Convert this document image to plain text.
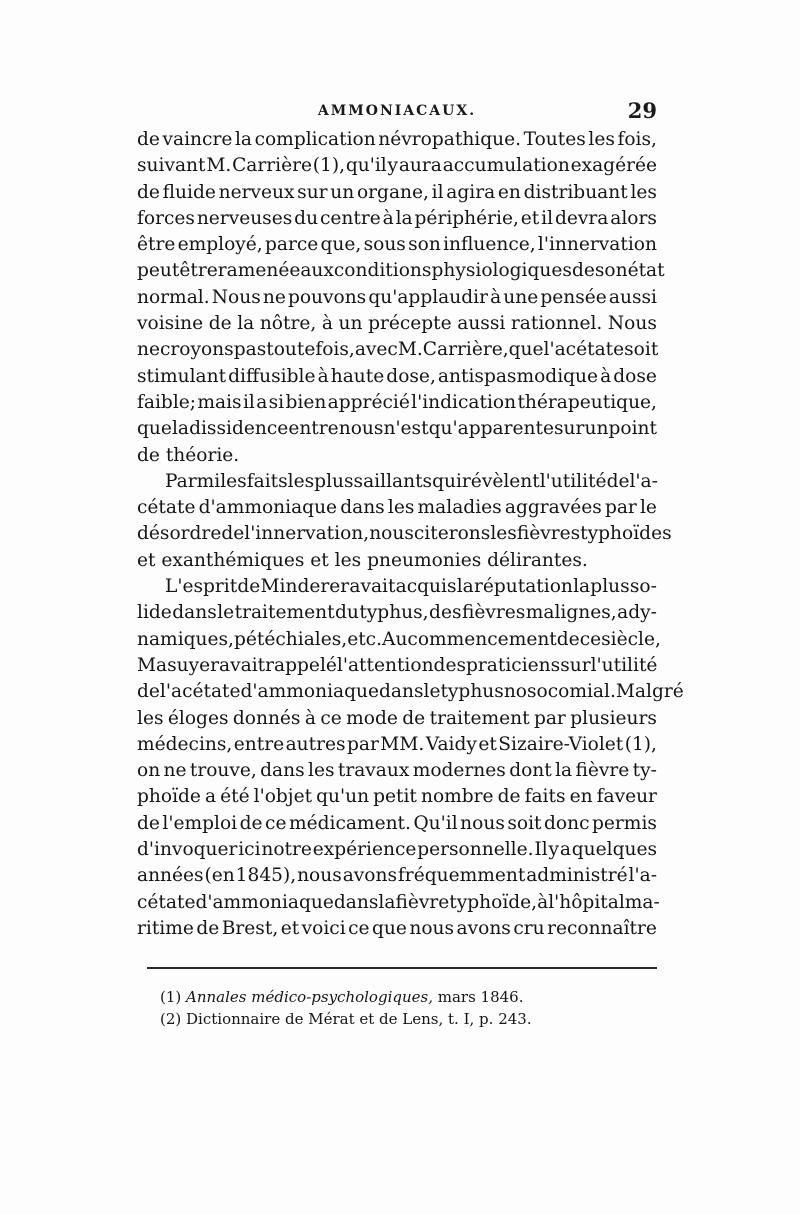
AMMONIACAUX.	29
de vaincre la complication névropathique. Toutes les fois,
suivant M. Carrière (1), qu'il y aura accumulation exagérée
de fluide nerveux sur un organe, il agira en distribuant les
forces nerveuses du centre à la périphérie, et il devra alors
être employé, parce que, sous son influence, l'innervation
peut être ramenée aux conditions physiologiques de son état
normal. Nous ne pouvons qu'applaudir à une pensée aussi
voisine de la nôtre, à un précepte aussi rationnel. Nous
ne croyons pas toutefois, avec M. Carrière, que l'acétate soit
stimulant diffusible à haute dose, antispasmodique à dose
faible; mais il a si bien apprécié l'indication thérapeutique,
que la dissidence entre nous n'est qu'apparente sur un point
de théorie.
Parmi les faits les plus saillants qui révèlent l'utilité de l'a-
cétate d'ammoniaque dans les maladies aggravées par le
désordre de l'innervation, nous citerons les fièvres typhoïdes
et exanthémiques et les pneumonies délirantes.
L'esprit de Minderer avait acquis la réputation la plus so-
lide dans le traitement du typhus, des fièvres malignes, ady-
namiques, pétéchiales, etc. Au commencement de ce siècle,
Masuyer avait rappelé l'attention des praticiens sur l'utilité
de l'acétate d'ammoniaque dans le typhus nosocomial. Malgré
les éloges donnés à ce mode de traitement par plusieurs
médecins, entre autres par MM. Vaidy et Sizaire-Violet (1),
on ne trouve, dans les travaux modernes dont la fièvre ty-
phoïde a été l'objet qu'un petit nombre de faits en faveur
de l'emploi de ce médicament. Qu'il nous soit donc permis
d'invoquer ici notre expérience personnelle. Il y a quelques
années (en 1845), nous avons fréquemment administré l'a-
cétate d'ammoniaque dans la fièvre typhoïde, à l'hôpital ma-
ritime de Brest, et voici ce que nous avons cru reconnaître
(1) Annales médico-psychologiques, mars 1846.
(2) Dictionnaire de Mérat et de Lens, t. I, p. 243.
